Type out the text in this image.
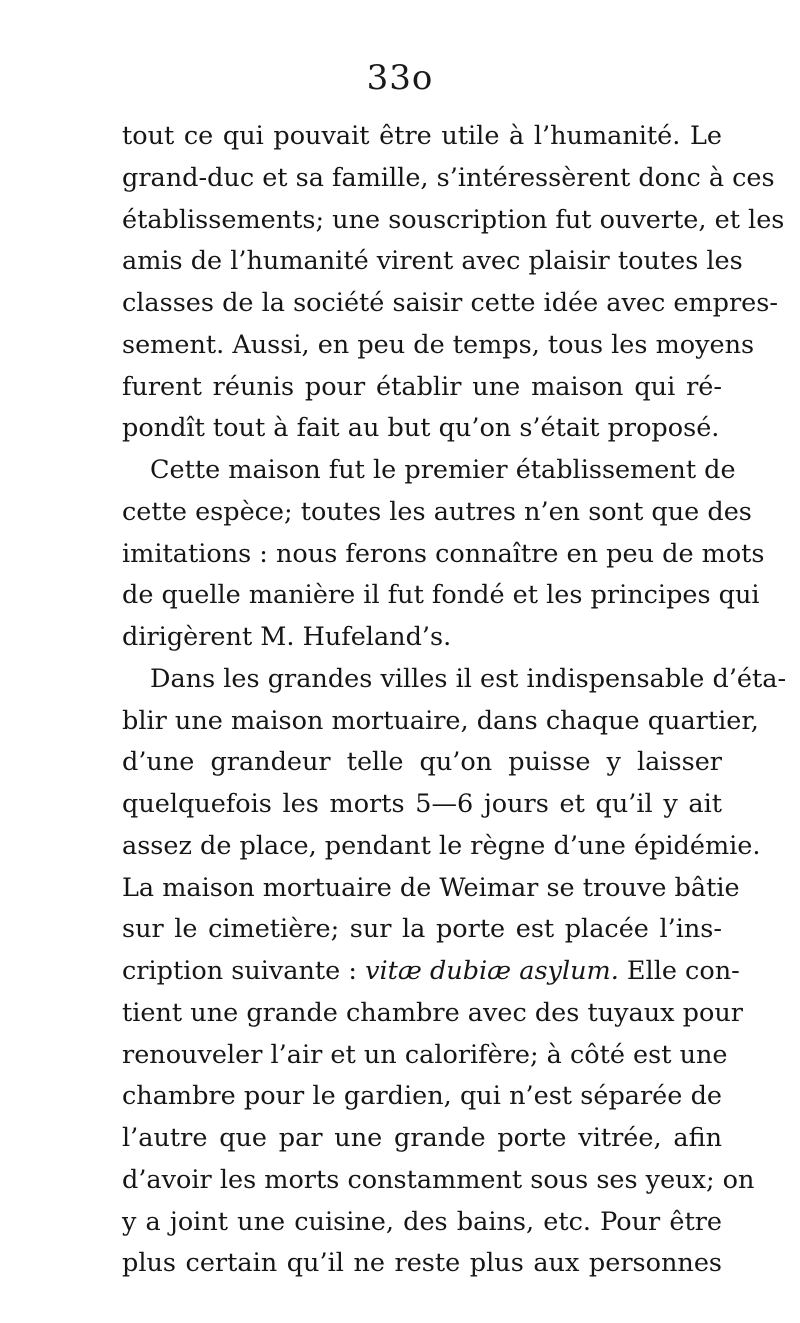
33o
tout ce qui pouvait être utile à l’humanité. Le
grand-duc et sa famille, s’intéressèrent donc à ces
établissements; une souscription fut ouverte, et les
amis de l’humanité virent avec plaisir toutes les
classes de la société saisir cette idée avec empres-
sement. Aussi, en peu de temps, tous les moyens
furent réunis pour établir une maison qui ré-
pondît tout à fait au but qu’on s’était proposé.
Cette maison fut le premier établissement de
cette espèce; toutes les autres n’en sont que des
imitations : nous ferons connaître en peu de mots
de quelle manière il fut fondé et les principes qui
dirigèrent M. Hufeland’s.
Dans les grandes villes il est indispensable d’éta-
blir une maison mortuaire, dans chaque quartier,
d’une grandeur telle qu’on puisse y laisser
quelquefois les morts 5—6 jours et qu’il y ait
assez de place, pendant le règne d’une épidémie.
La maison mortuaire de Weimar se trouve bâtie
sur le cimetière; sur la porte est placée l’ins-
cription suivante : vitæ dubiæ asylum. Elle con-
tient une grande chambre avec des tuyaux pour
renouveler l’air et un calorifère; à côté est une
chambre pour le gardien, qui n’est séparée de
l’autre que par une grande porte vitrée, afin
d’avoir les morts constamment sous ses yeux; on
y a joint une cuisine, des bains, etc. Pour être
plus certain qu’il ne reste plus aux personnes
